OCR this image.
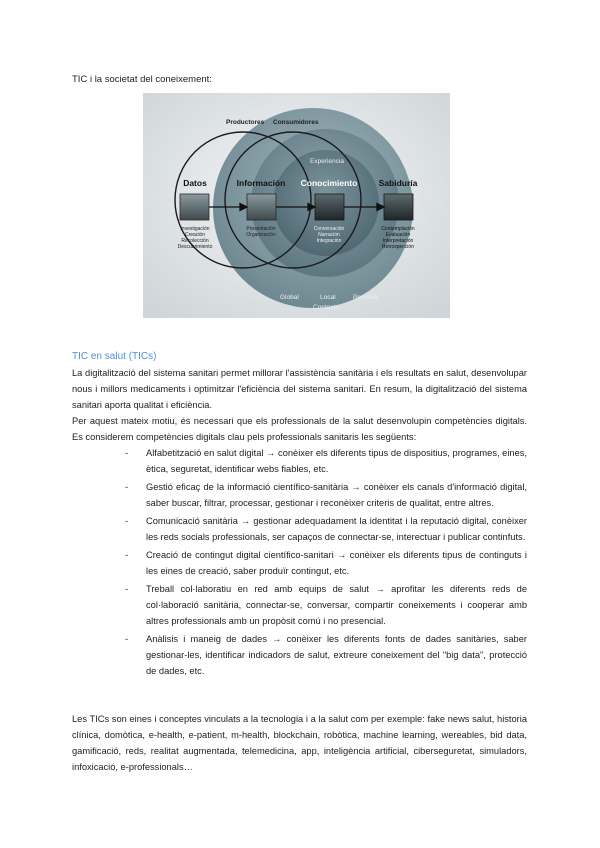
TIC i la societat del coneixement:
Productores Consumidores
Experiencia
Datos	Información Conocimiento	Sabiduría
Investigación
Creación
Recolección
Descubrimiento
Presentación
Organización
Conversación
Narración
Integración
Contemplación
Evaluación
Interpretación
Retrospección
Global	Local	Personal
Contexto
TIC en salut (TICs)

La digitalització del sistema sanitari permet millorar l'assistència sanitària i els resultats en salut, desenvolupar nous i millors medicaments i optimitzar l'eficiència del sistema sanitari. En resum, la digitalització del sistema sanitari aporta qualitat i eficiència.

Per aquest mateix motiu, és necessari que els professionals de la salut desenvolupin competències digitals. Es considerem competències digitals clau pels professionals sanitaris les següents:

- Alfabetització en salut digital → conèixer els diferents tipus de dispositius, programes, eines, ètica, seguretat, identificar webs fiables, etc.
- Gestió eficaç de la informació científico-sanitària → conèixer els canals d'informació digital, saber buscar, filtrar, processar, gestionar i reconèixer criteris de qualitat, entre altres.
- Comunicació sanitària → gestionar adequadament la identitat i la reputació digital, conèixer les reds socials professionals, ser capaços de connectar-se, interectuar i publicar continfuts.
- Creació de contingut digital científico-sanitari → conèixer els diferents tipus de continguts i les eines de creació, saber produïr contingut, etc.
- Treball col·laboratiu en red amb equips de salut → aprofitar les diferents reds de col·laboració sanitària, connectar-se, conversar, compartir coneixements i cooperar amb altres professionals amb un propòsit comú i no presencial.
- Anàlisis i maneig de dades → conèixer les diferents fonts de dades sanitàries, saber gestionar-les, identificar indicadors de salut, extreure coneixement del "big data", protecció de dades, etc.

Les TICs son eines i conceptes vinculats a la tecnologia i a la salut com per exemple: fake news salut, historia clínica, domòtica, e-health, e-patient, m-health, blockchain, robòtica, machine learning, wereables, bid data, gamificació, reds, realitat augmentada, telemedicina, app, inteligència artificial, ciberseguretat, simuladors, infoxicació, e-professionals…
